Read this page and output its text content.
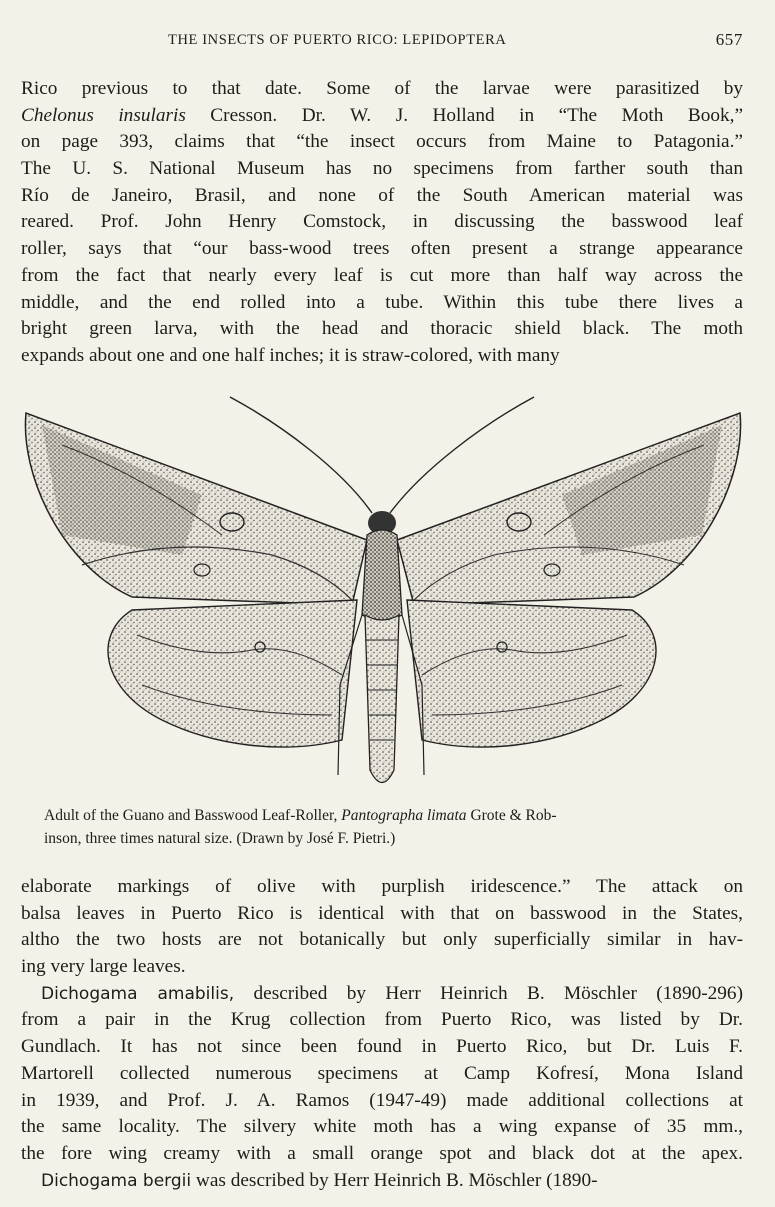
THE INSECTS OF PUERTO RICO: LEPIDOPTERA	657
Rico previous to that date. Some of the larvae were parasitized by
Chelonus insularis Cresson. Dr. W. J. Holland in “The Moth Book,”
on page 393, claims that “the insect occurs from Maine to Patagonia.”
The U. S. National Museum has no specimens from farther south than
Río de Janeiro, Brasil, and none of the South American material was
reared. Prof. John Henry Comstock, in discussing the basswood leaf
roller, says that “our bass-wood trees often present a strange appearance
from the fact that nearly every leaf is cut more than half way across the
middle, and the end rolled into a tube. Within this tube there lives a
bright green larva, with the head and thoracic shield black. The moth
expands about one and one half inches; it is straw-colored, with many
Adult of the Guano and Basswood Leaf-Roller, Pantographa limata Grote & Rob-
inson, three times natural size. (Drawn by José F. Pietri.)
elaborate markings of olive with purplish iridescence.” The attack on
balsa leaves in Puerto Rico is identical with that on basswood in the States,
altho the two hosts are not botanically but only superficially similar in hav-
ing very large leaves.
Dichogama amabilis, described by Herr Heinrich B. Möschler (1890-296)
from a pair in the Krug collection from Puerto Rico, was listed by Dr.
Gundlach. It has not since been found in Puerto Rico, but Dr. Luis F.
Martorell collected numerous specimens at Camp Kofresí, Mona Island
in 1939, and Prof. J. A. Ramos (1947-49) made additional collections at
the same locality. The silvery white moth has a wing expanse of 35 mm.,
the fore wing creamy with a small orange spot and black dot at the apex.
Dichogama bergii was described by Herr Heinrich B. Möschler (1890-
